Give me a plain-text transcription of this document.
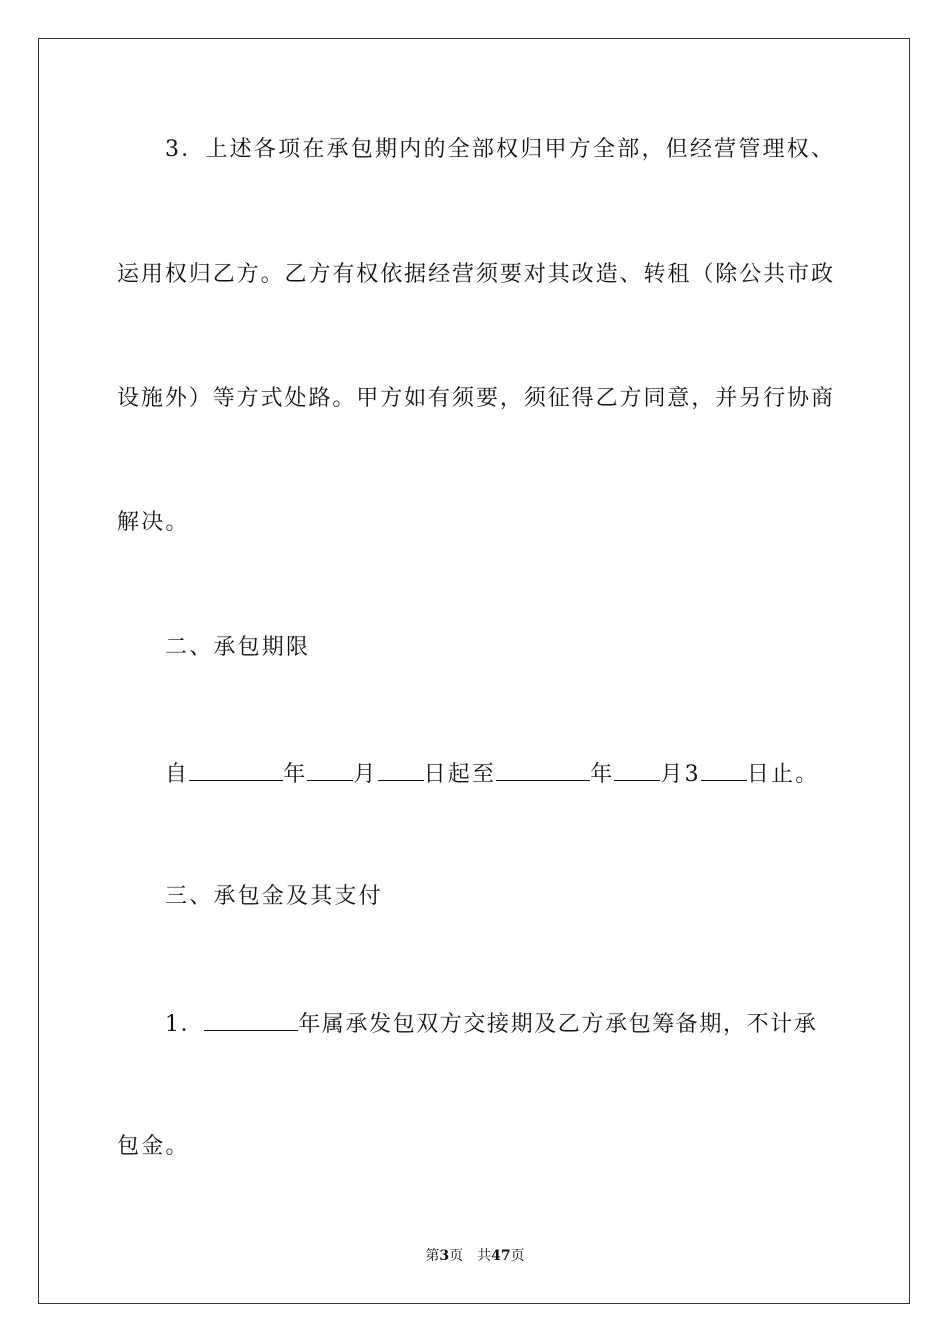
3．上述各项在承包期内的全部权归甲方全部，但经营管理权、
运用权归乙方。乙方有权依据经营须要对其改造、转租（除公共市政
设施外）等方式处路。甲方如有须要，须征得乙方同意，并另行协商
解决。
二、承包期限
自	年 月 日起至	年 月3 日止。
三、承包金及其支付
1．	年属承发包双方交接期及乙方承包筹备期，不计承
包金。
第3页　共47页
